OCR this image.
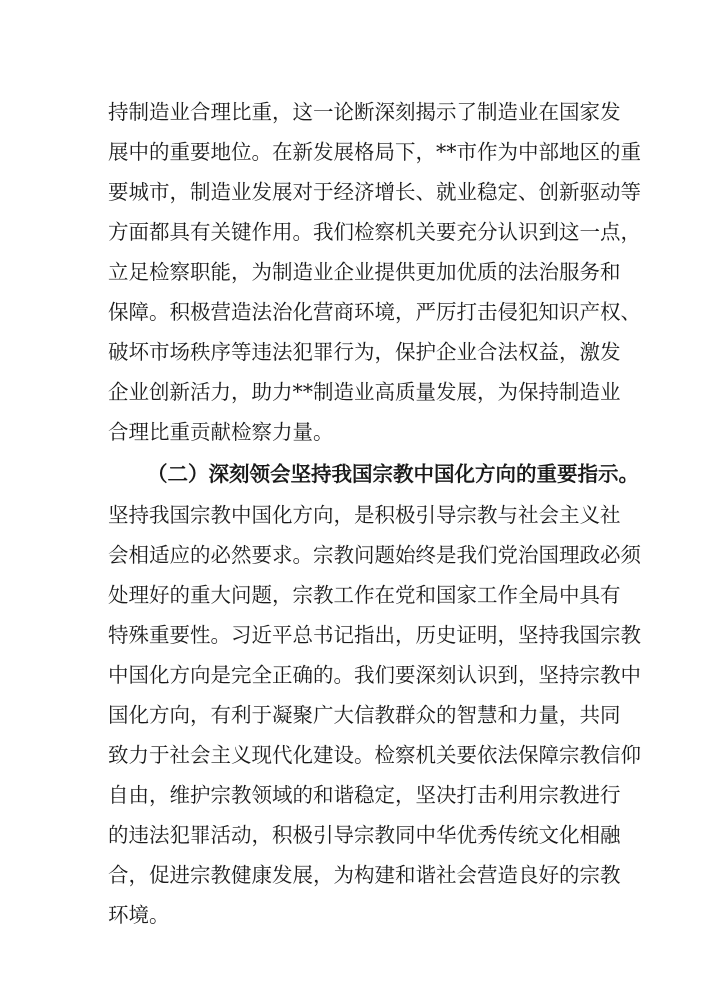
持制造业合理比重，这一论断深刻揭示了制造业在国家发
展中的重要地位。在新发展格局下，**市作为中部地区的重
要城市，制造业发展对于经济增长、就业稳定、创新驱动等
方面都具有关键作用。我们检察机关要充分认识到这一点，
立足检察职能，为制造业企业提供更加优质的法治服务和
保障。积极营造法治化营商环境，严厉打击侵犯知识产权、
破坏市场秩序等违法犯罪行为，保护企业合法权益，激发
企业创新活力，助力**制造业高质量发展，为保持制造业
合理比重贡献检察力量。
（二）深刻领会坚持我国宗教中国化方向的重要指示。
坚持我国宗教中国化方向，是积极引导宗教与社会主义社
会相适应的必然要求。宗教问题始终是我们党治国理政必须
处理好的重大问题，宗教工作在党和国家工作全局中具有
特殊重要性。习近平总书记指出，历史证明，坚持我国宗教
中国化方向是完全正确的。我们要深刻认识到，坚持宗教中
国化方向，有利于凝聚广大信教群众的智慧和力量，共同
致力于社会主义现代化建设。检察机关要依法保障宗教信仰
自由，维护宗教领域的和谐稳定，坚决打击利用宗教进行
的违法犯罪活动，积极引导宗教同中华优秀传统文化相融
合，促进宗教健康发展，为构建和谐社会营造良好的宗教
环境。
